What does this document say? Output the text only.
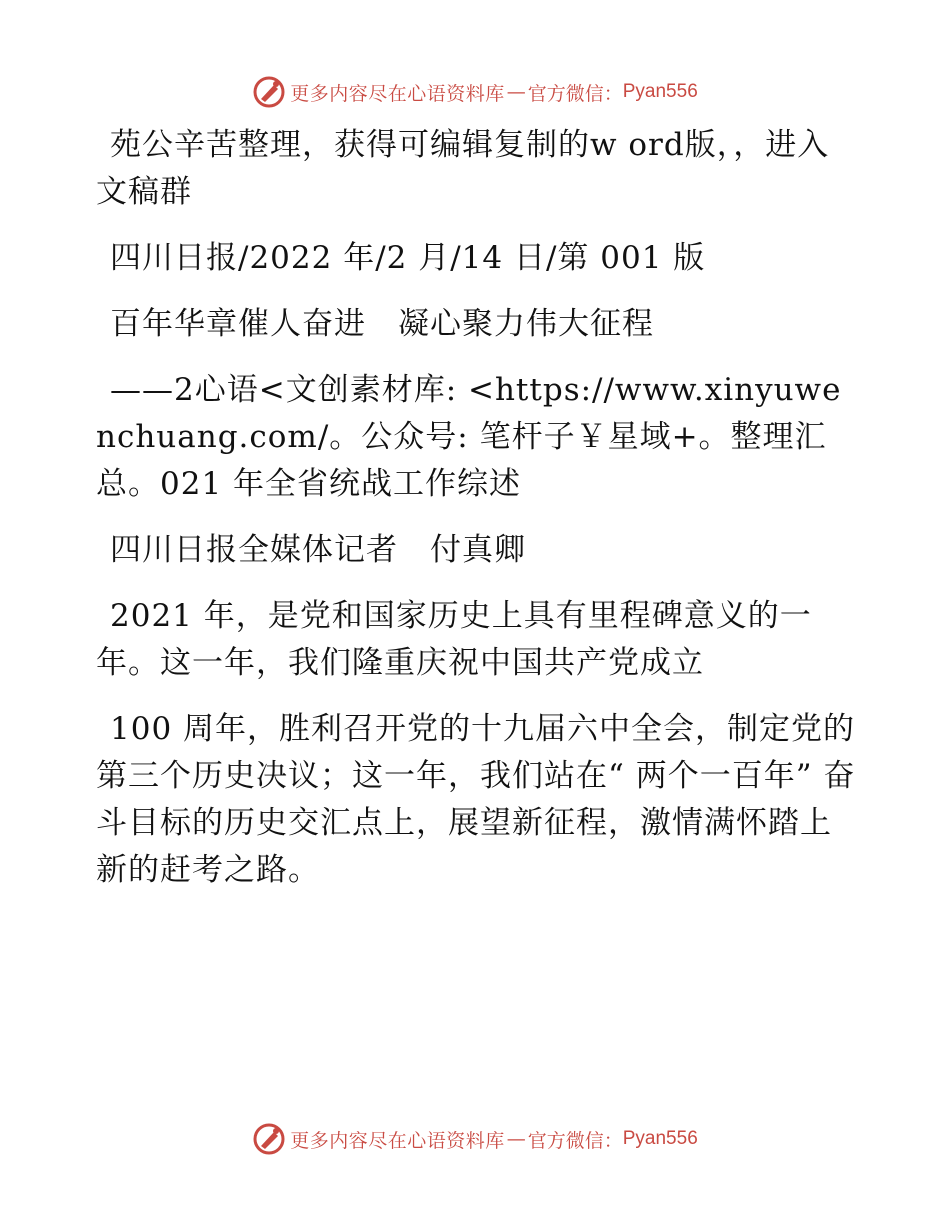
更多内容尽在心语资料库 — 官方微信： Pyan556

苑公辛苦整理，获得可编辑复制的w ord版，，进入文稿群

四川日报/2022 年/2 月/14 日/第 001 版

百年华章催人奋进　凝心聚力伟大征程

——2心语<文创素材库: <https://www.xinyuwenchuang.com/。公众号: 笔杆子￥星域+。整理汇总。021 年全省统战工作综述

四川日报全媒体记者　付真卿

2021 年，是党和国家历史上具有里程碑意义的一年。这一年，我们隆重庆祝中国共产党成立

100 周年，胜利召开党的十九届六中全会，制定党的第三个历史决议；这一年，我们站在“ 两个一百年” 奋斗目标的历史交汇点上，展望新征程，激情满怀踏上新的赶考之路。

更多内容尽在心语资料库 — 官方微信： Pyan556
